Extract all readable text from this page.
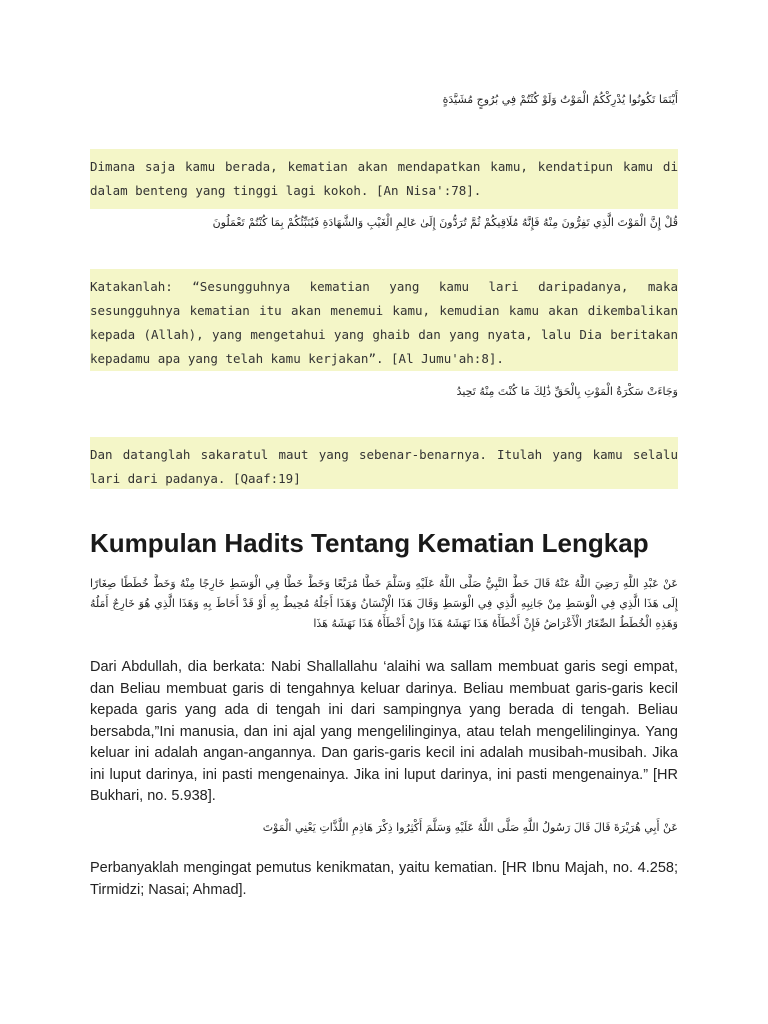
أَيْنَمَا تَكُونُوا يُدْرِكْكُمُ الْمَوْتُ وَلَوْ كُنْتُمْ فِي بُرُوجٍ مُشَيَّدَةٍ

Dimana saja kamu berada, kematian akan mendapatkan kamu, kendatipun kamu di dalam benteng yang tinggi lagi kokoh. [An Nisa':78].

قُلْ إِنَّ الْمَوْتَ الَّذِي تَفِرُّونَ مِنْهُ فَإِنَّهُ مُلَاقِيكُمْ ثُمَّ تُرَدُّونَ إِلَىٰ عَالِمِ الْغَيْبِ وَالشَّهَادَةِ فَيُنَبِّئُكُمْ بِمَا كُنْتُمْ تَعْمَلُونَ

Katakanlah: “Sesungguhnya kematian yang kamu lari daripadanya, maka sesungguhnya kematian itu akan menemui kamu, kemudian kamu akan dikembalikan kepada (Allah), yang mengetahui yang ghaib dan yang nyata, lalu Dia beritakan kepadamu apa yang telah kamu kerjakan”. [Al Jumu'ah:8].

وَجَاءَتْ سَكْرَةُ الْمَوْتِ بِالْحَقِّ ذَٰلِكَ مَا كُنْتَ مِنْهُ تَحِيدُ

Dan datanglah sakaratul maut yang sebenar-benarnya. Itulah yang kamu selalu lari dari padanya. [Qaaf:19]

Kumpulan Hadits Tentang Kematian Lengkap
عَنْ عَبْدِ اللَّهِ رَضِيَ اللَّهُ عَنْهُ قَالَ خَطَّ النَّبِيُّ صَلَّى اللَّهُ عَلَيْهِ وَسَلَّمَ خَطًّا مُرَبَّعًا وَخَطَّ خَطًّا فِي الْوَسَطِ خَارِجًا مِنْهُ وَخَطَّ خُطَطًا صِغَارًا إِلَى هَذَا الَّذِي فِي الْوَسَطِ مِنْ جَانِبِهِ الَّذِي فِي الْوَسَطِ وَقَالَ هَذَا الْإِنْسَانُ وَهَذَا أَجَلُهُ مُحِيطٌ بِهِ أَوْ قَدْ أَحَاطَ بِهِ وَهَذَا الَّذِي هُوَ خَارِجٌ أَمَلُهُ وَهَذِهِ الْخُطَطُ الصِّغَارُ الْأَعْرَاضُ فَإِنْ أَخْطَأَهُ هَذَا نَهَشَهُ هَذَا وَإِنْ أَخْطَأَهُ هَذَا نَهَشَهُ هَذَا

Dari Abdullah, dia berkata: Nabi Shallallahu ‘alaihi wa sallam membuat garis segi empat, dan Beliau membuat garis di tengahnya keluar darinya. Beliau membuat garis-garis kecil kepada garis yang ada di tengah ini dari sampingnya yang berada di tengah. Beliau bersabda,”Ini manusia, dan ini ajal yang mengelilinginya, atau telah mengelilinginya. Yang keluar ini adalah angan-angannya. Dan garis-garis kecil ini adalah musibah-musibah. Jika ini luput darinya, ini pasti mengenainya. Jika ini luput darinya, ini pasti mengenainya.” [HR Bukhari, no. 5.938].

عَنْ أَبِي هُرَيْرَةَ قَالَ قَالَ رَسُولُ اللَّهِ صَلَّى اللَّهُ عَلَيْهِ وَسَلَّمَ أَكْثِرُوا ذِكْرَ هَاذِمِ اللَّذَّاتِ يَعْنِي الْمَوْتَ

Perbanyaklah mengingat pemutus kenikmatan, yaitu kematian. [HR Ibnu Majah, no. 4.258; Tirmidzi; Nasai; Ahmad].
